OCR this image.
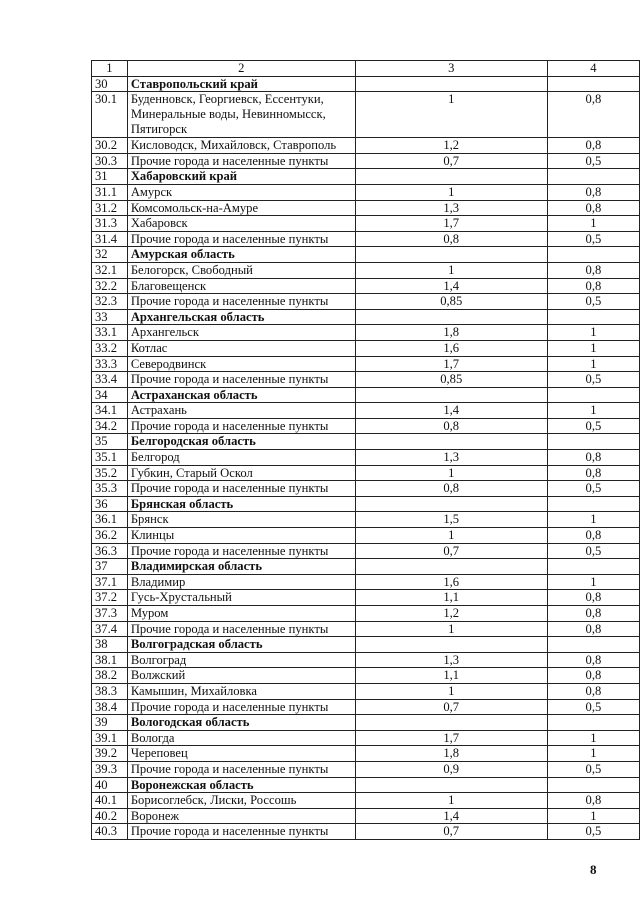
1	2	3	4
30	Ставропольский край		
30.1	Буденновск, Георгиевск, Ессентуки, Минеральные воды, Невинномысск, Пятигорск	1	0,8
30.2	Кисловодск, Михайловск, Ставрополь	1,2	0,8
30.3	Прочие города и населенные пункты	0,7	0,5
31	Хабаровский край		
31.1	Амурск	1	0,8
31.2	Комсомольск-на-Амуре	1,3	0,8
31.3	Хабаровск	1,7	1
31.4	Прочие города и населенные пункты	0,8	0,5
32	Амурская область		
32.1	Белогорск, Свободный	1	0,8
32.2	Благовещенск	1,4	0,8
32.3	Прочие города и населенные пункты	0,85	0,5
33	Архангельская область		
33.1	Архангельск	1,8	1
33.2	Котлас	1,6	1
33.3	Северодвинск	1,7	1
33.4	Прочие города и населенные пункты	0,85	0,5
34	Астраханская область		
34.1	Астрахань	1,4	1
34.2	Прочие города и населенные пункты	0,8	0,5
35	Белгородская область		
35.1	Белгород	1,3	0,8
35.2	Губкин, Старый Оскол	1	0,8
35.3	Прочие города и населенные пункты	0,8	0,5
36	Брянская область		
36.1	Брянск	1,5	1
36.2	Клинцы	1	0,8
36.3	Прочие города и населенные пункты	0,7	0,5
37	Владимирская область		
37.1	Владимир	1,6	1
37.2	Гусь-Хрустальный	1,1	0,8
37.3	Муром	1,2	0,8
37.4	Прочие города и населенные пункты	1	0,8
38	Волгоградская область		
38.1	Волгоград	1,3	0,8
38.2	Волжский	1,1	0,8
38.3	Камышин, Михайловка	1	0,8
38.4	Прочие города и населенные пункты	0,7	0,5
39	Вологодская область		
39.1	Вологда	1,7	1
39.2	Череповец	1,8	1
39.3	Прочие города и населенные пункты	0,9	0,5
40	Воронежская область		
40.1	Борисоглебск, Лиски, Россошь	1	0,8
40.2	Воронеж	1,4	1
40.3	Прочие города и населенные пункты	0,7	0,5
8
